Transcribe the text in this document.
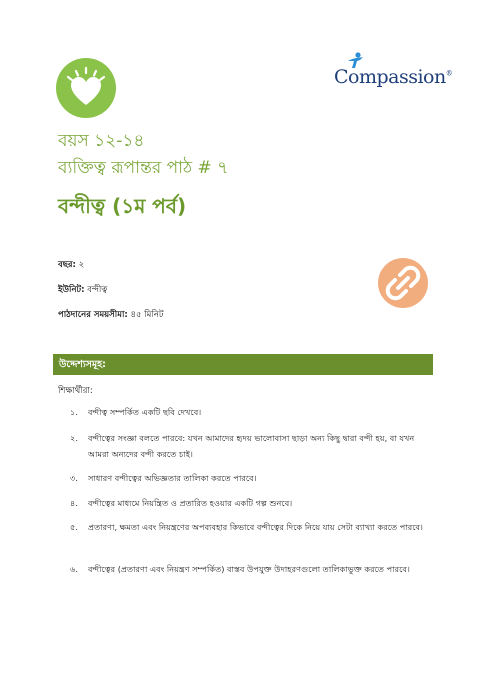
Compassion®
বয়স ১২-১৪
ব্যক্তিত্ব রূপান্তর পাঠ # ৭
বন্দীত্ব (১ম পর্ব)
বছর: ২
ইউনিট: বন্দীত্ব
পাঠদানের সময়সীমা: ৪৫ মিনিট
উদ্দেশ্যসমূহ:
শিক্ষার্থীরা:
১. বন্দীত্ব সম্পর্কিত একটি ছবি দেখবে।
২. বন্দীত্বের সংজ্ঞা বলতে পারবে: যখন আমাদের হৃদয় ভালোবাসা ছাড়া অন্য কিছু দ্বারা বন্দী হয়, বা যখন আমরা অন্যদের বন্দী করতে চাই।
৩. সাধারণ বন্দীত্বের অভিজ্ঞতার তালিকা করতে পারবে।
৪. বন্দীত্বের মাধ্যমে নিয়ন্ত্রিত ও প্রতারিত হওয়ার একটি গল্প শুনবে।
৫. প্রতারণা, ক্ষমতা এবং নিয়ন্ত্রণের অপব্যবহার কিভাবে বন্দীত্বের দিকে নিয়ে যায় সেটা ব্যাখ্যা করতে পারবে।
৬. বন্দীত্বের (প্রতারণা এবং নিয়ন্ত্রণ সম্পর্কিত) বাস্তব উপযুক্ত উদাহরণগুলো তালিকাভুক্ত করতে পারবে।
